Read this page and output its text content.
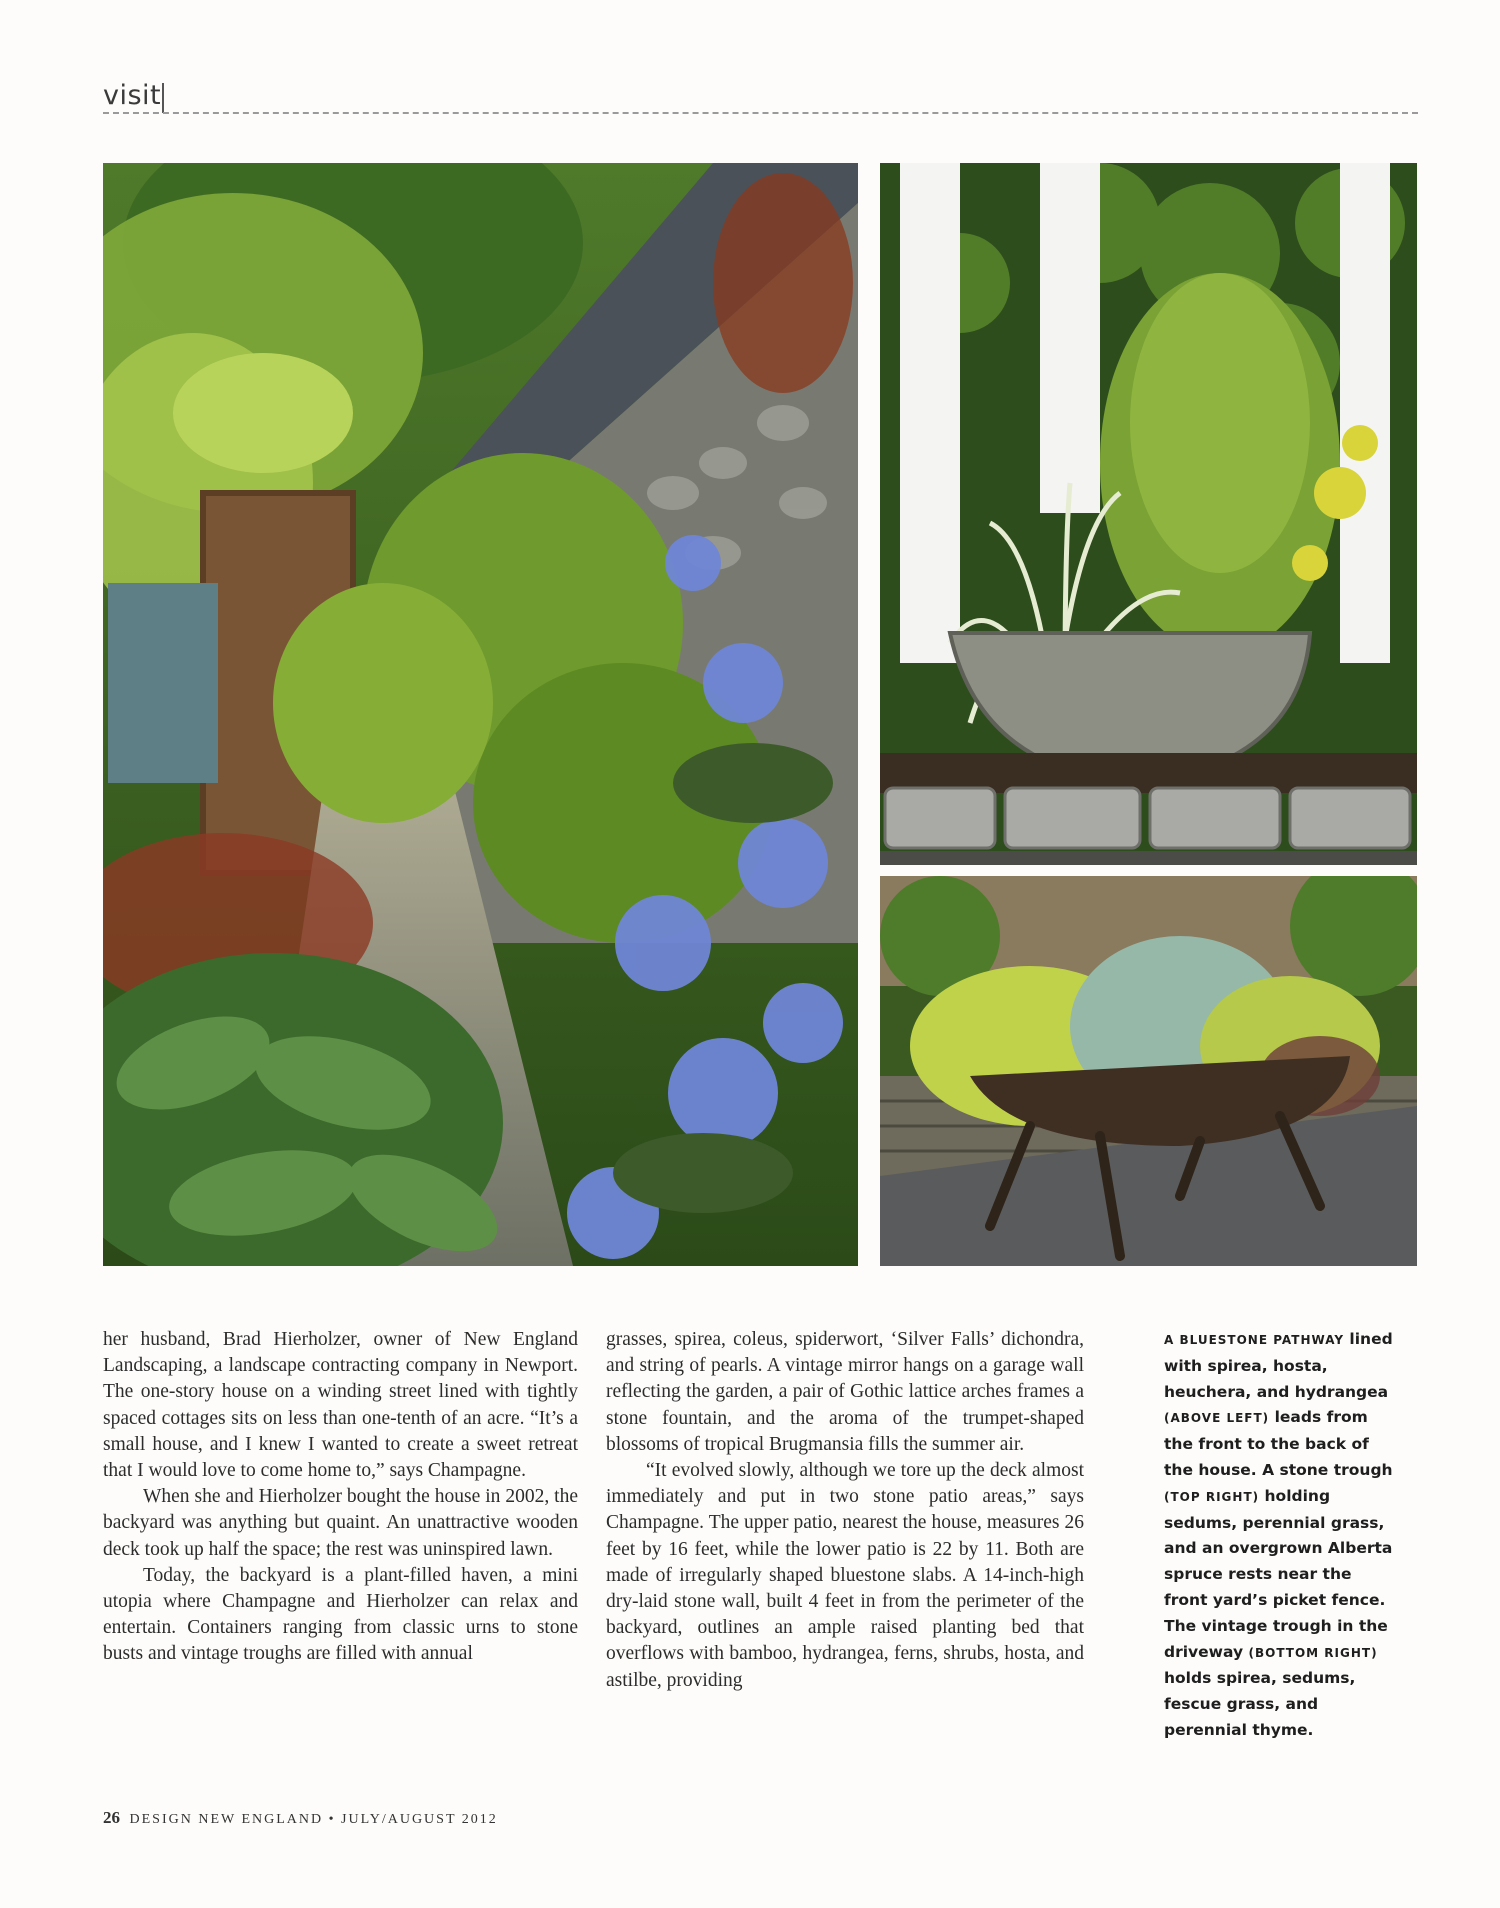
visit

her husband, Brad Hierholzer, owner of New England Landscaping, a landscape contracting company in Newport. The one-story house on a winding street lined with tightly spaced cottages sits on less than one-tenth of an acre. “It’s a small house, and I knew I wanted to create a sweet retreat that I would love to come home to,” says Champagne.

When she and Hierholzer bought the house in 2002, the backyard was anything but quaint. An unattractive wooden deck took up half the space; the rest was uninspired lawn.

Today, the backyard is a plant-filled haven, a mini utopia where Champagne and Hierholzer can relax and entertain. Containers ranging from classic urns to stone busts and vintage troughs are filled with annual

grasses, spirea, coleus, spiderwort, ‘Silver Falls’ dichondra, and string of pearls. A vintage mirror hangs on a garage wall reflecting the garden, a pair of Gothic lattice arches frames a stone fountain, and the aroma of the trumpet-shaped blossoms of tropical Brugmansia fills the summer air.

“It evolved slowly, although we tore up the deck almost immediately and put in two stone patio areas,” says Champagne. The upper patio, nearest the house, measures 26 feet by 16 feet, while the lower patio is 22 by 11. Both are made of irregularly shaped bluestone slabs. A 14-inch-high dry-laid stone wall, built 4 feet in from the perimeter of the backyard, outlines an ample raised planting bed that overflows with bamboo, hydrangea, ferns, shrubs, hosta, and astilbe, providing

A BLUESTONE PATHWAY lined with spirea, hosta, heuchera, and hydrangea (ABOVE LEFT) leads from the front to the back of the house. A stone trough (TOP RIGHT) holding sedums, perennial grass, and an overgrown Alberta spruce rests near the front yard’s picket fence. The vintage trough in the driveway (BOTTOM RIGHT) holds spirea, sedums, fescue grass, and perennial thyme.
26 DESIGN NEW ENGLAND • JULY/AUGUST 2012
